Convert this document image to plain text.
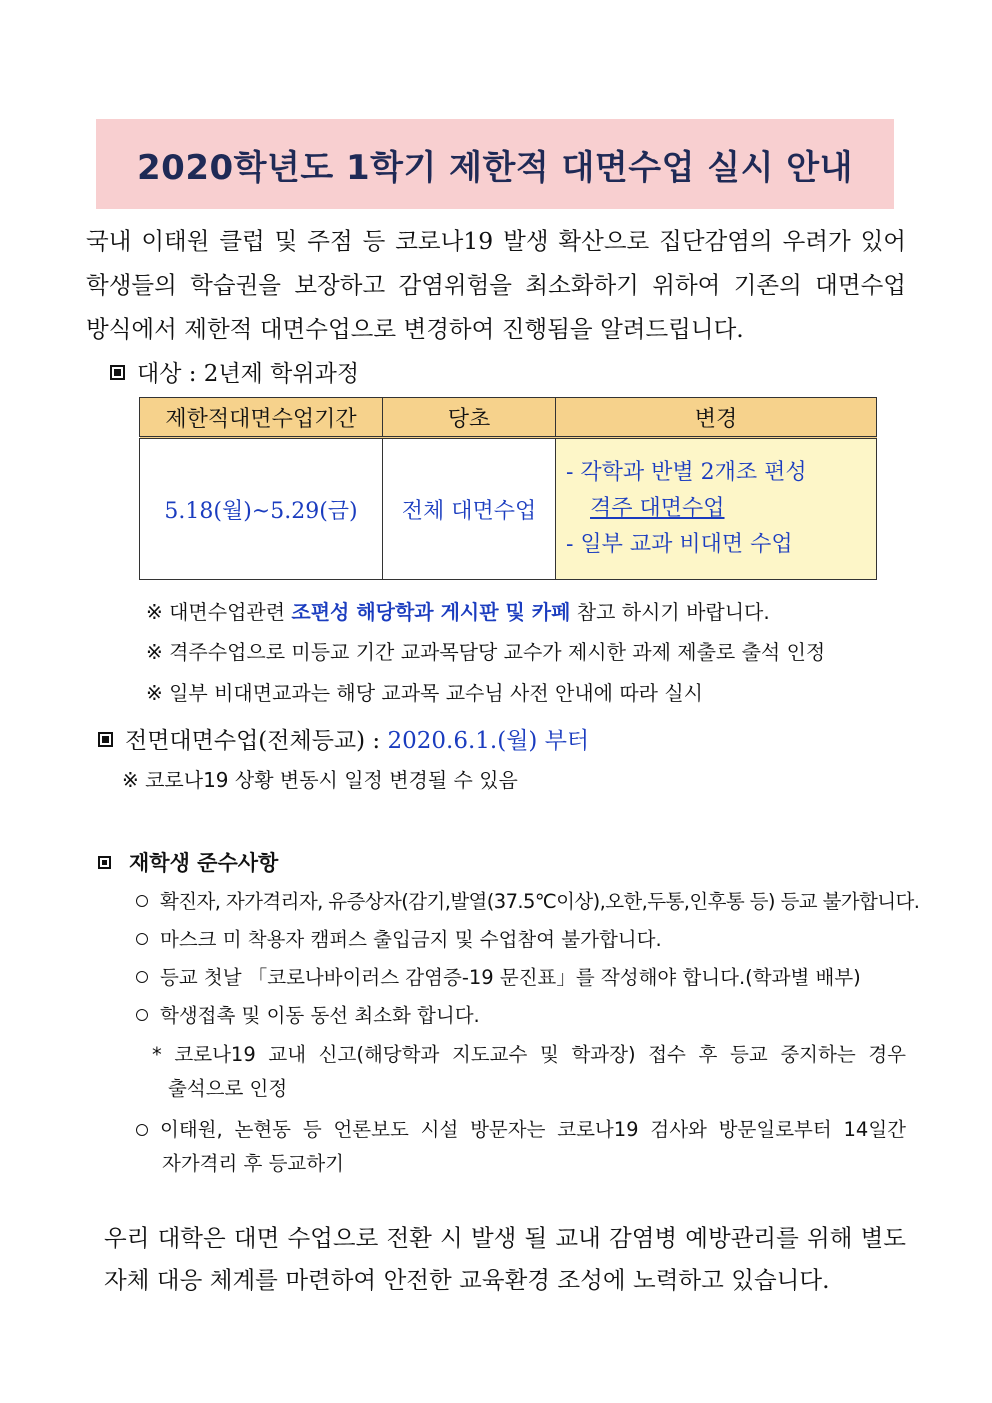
2020학년도 1학기 제한적 대면수업 실시 안내
국내 이태원 클럽 및 주점 등 코로나19 발생 확산으로 집단감염의 우려가 있어
학생들의 학습권을 보장하고 감염위험을 최소화하기 위하여 기존의 대면수업
방식에서 제한적 대면수업으로 변경하여 진행됨을 알려드립니다.
대상 : 2년제 학위과정
제한적대면수업기간	당초	변경
5.18(월)~5.29(금)	전체 대면수업	- 각학과 반별 2개조 편성
격주 대면수업
- 일부 교과 비대면 수업
※ 대면수업관련 조편성 해당학과 게시판 및 카페 참고 하시기 바랍니다.
※ 격주수업으로 미등교 기간 교과목담당 교수가 제시한 과제 제출로 출석 인정
※ 일부 비대면교과는 해당 교과목 교수님 사전 안내에 따라 실시
전면대면수업(전체등교) : 2020.6.1.(월) 부터
※ 코로나19 상황 변동시 일정 변경될 수 있음
재학생 준수사항
확진자, 자가격리자, 유증상자(감기,발열(37.5℃이상),오한,두통,인후통 등) 등교 불가합니다.
마스크 미 착용자 캠퍼스 출입금지 및 수업참여 불가합니다.
등교 첫날 「코로나바이러스 감염증-19 문진표」를 작성해야 합니다.(학과별 배부)
학생접촉 및 이동 동선 최소화 합니다.
* 코로나19 교내 신고(해당학과 지도교수 및 학과장) 접수 후 등교 중지하는 경우
출석으로 인정
이태원, 논현동 등 언론보도 시설 방문자는 코로나19 검사와 방문일로부터 14일간
자가격리 후 등교하기
우리 대학은 대면 수업으로 전환 시 발생 될 교내 감염병 예방관리를 위해 별도
자체 대응 체계를 마련하여 안전한 교육환경 조성에 노력하고 있습니다.
